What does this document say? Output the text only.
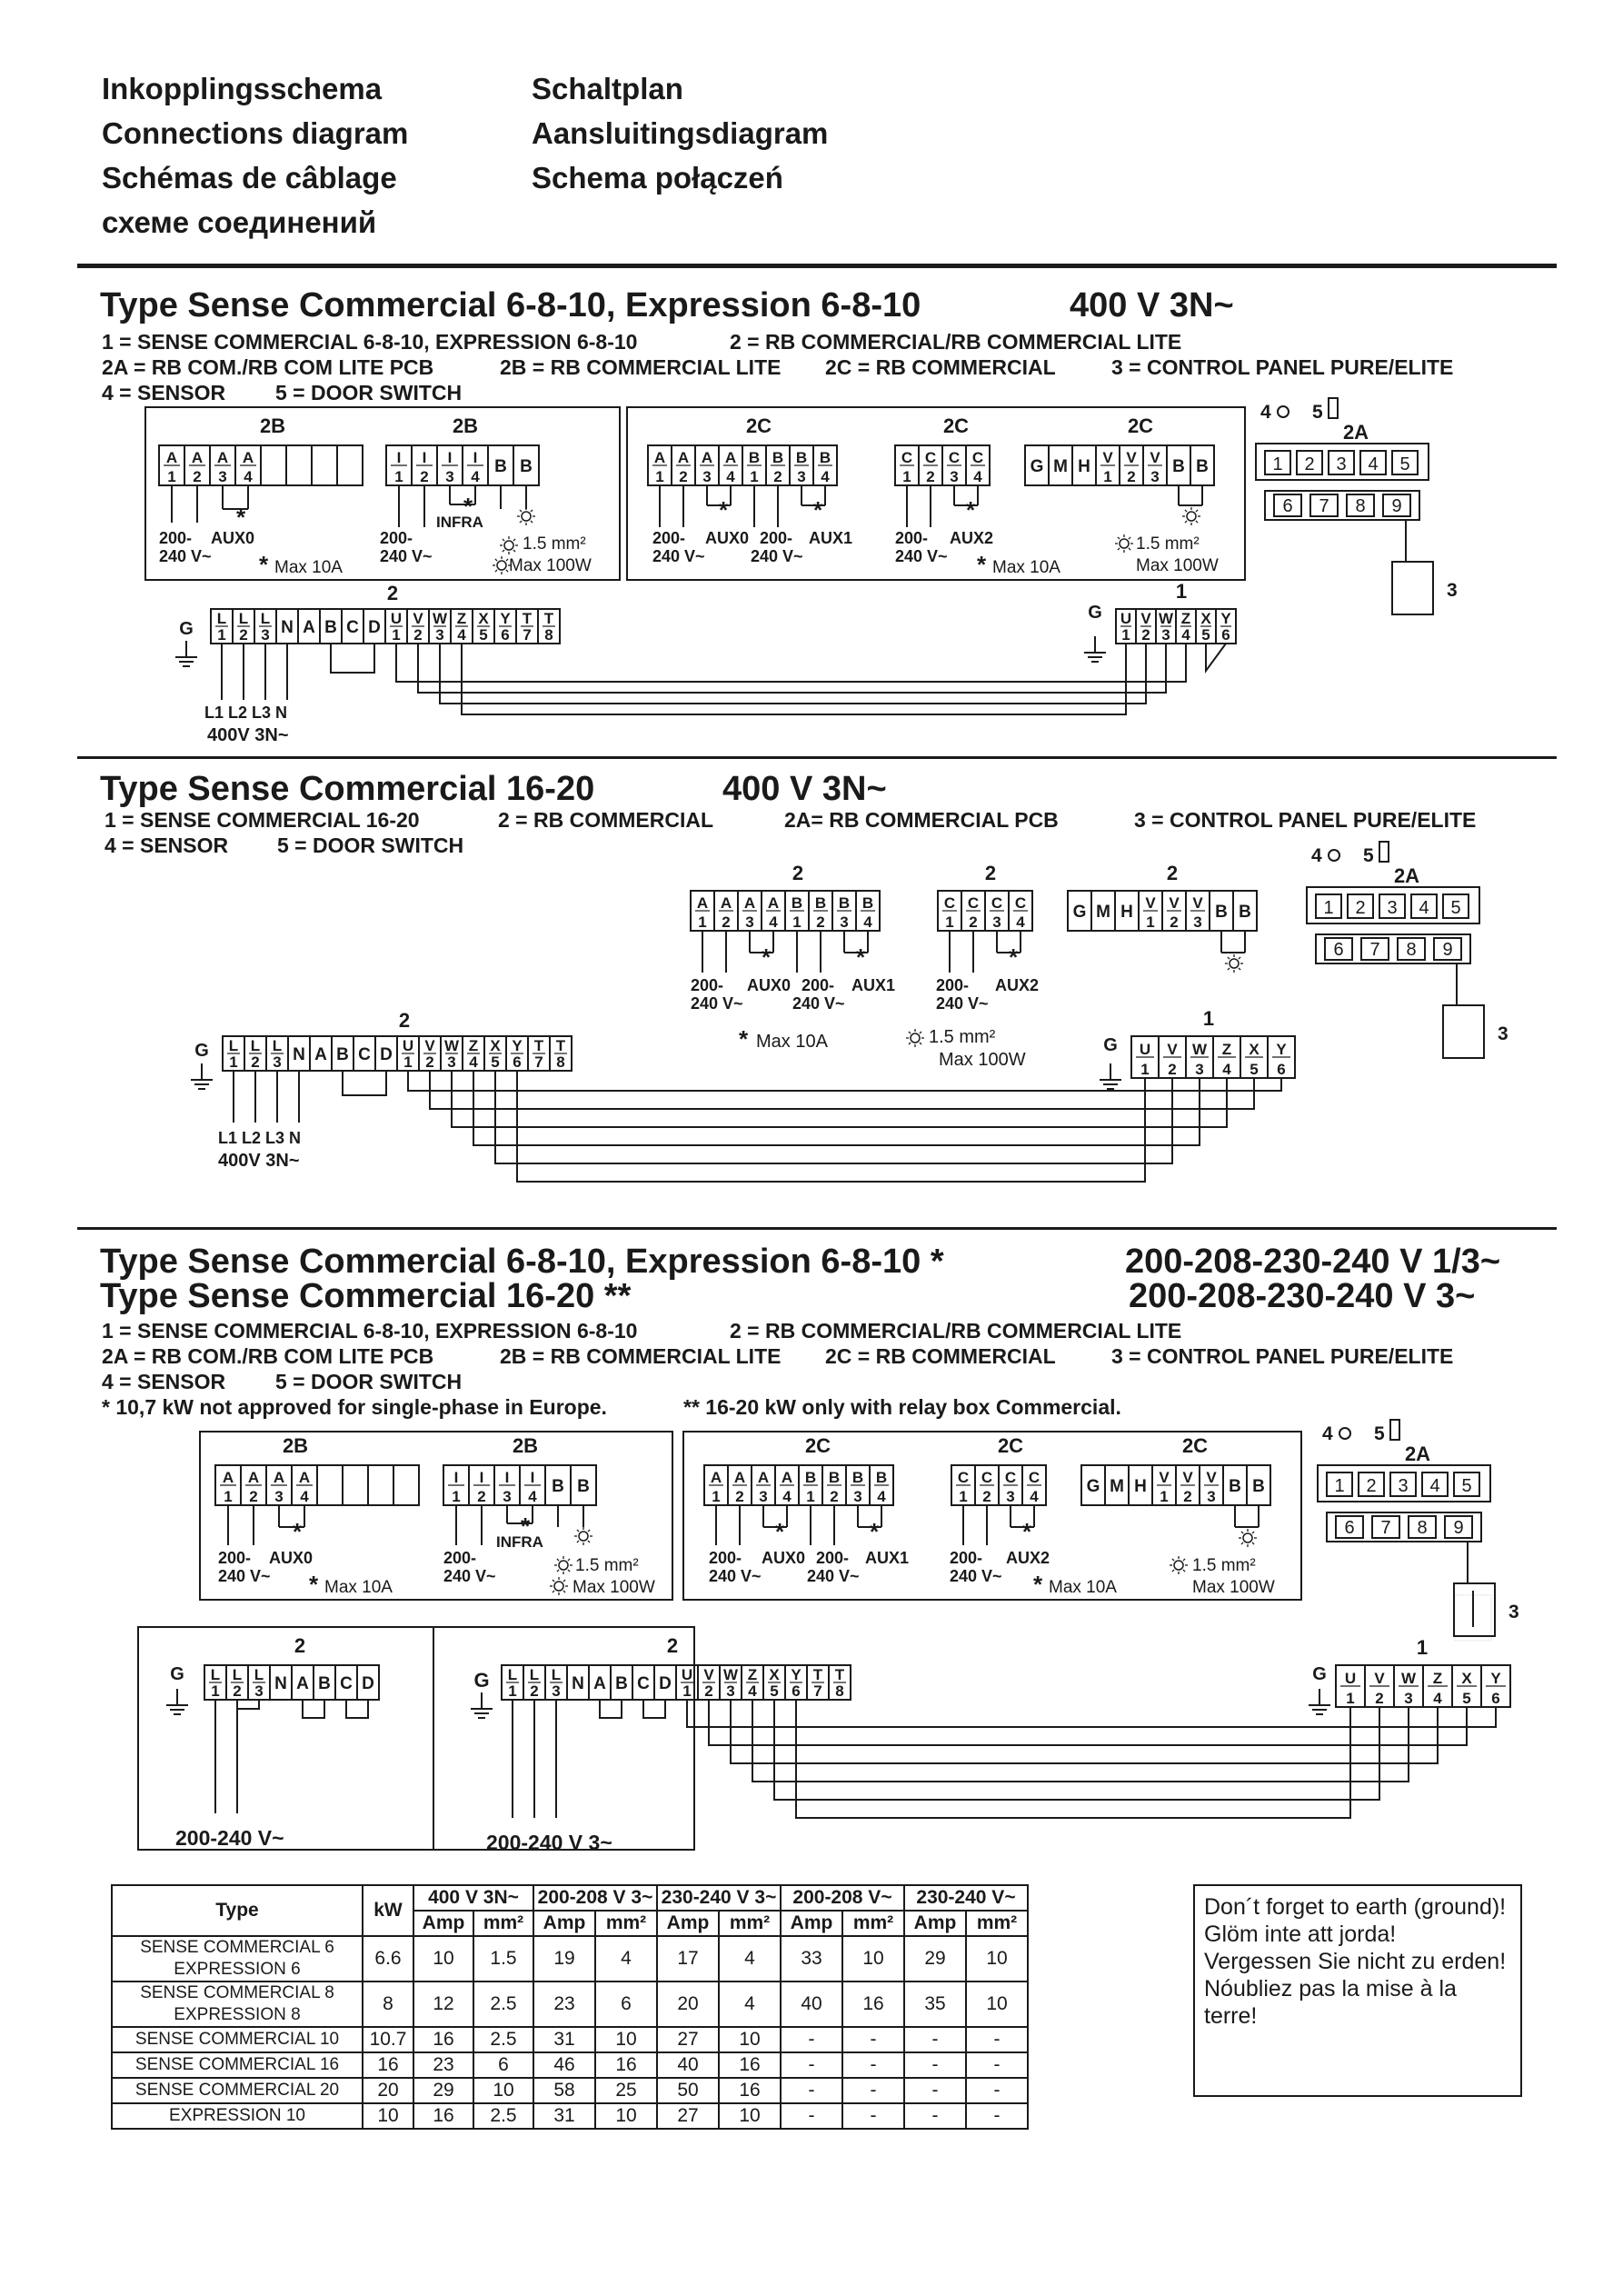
Inkopplingsschema
Connections diagram
Schémas de câblage
схеме соединений
Schaltplan
Aansluitingsdiagram
Schema połączeń
Type Sense Commercial 6-8-10, Expression 6-8-10	400 V 3N~
1 = SENSE COMMERCIAL 6-8-10, EXPRESSION 6-8-10	2 = RB COMMERCIAL/RB COMMERCIAL LITE
2A = RB COM./RB COM LITE PCB	2B = RB COMMERCIAL LITE 2C = RB COMMERCIAL	3 = CONTROL PANEL PURE/ELITE
4 = SENSOR 5 = DOOR SWITCH
Type Sense Commercial 16-20	400 V 3N~
1 = SENSE COMMERCIAL 16-20	2 = RB COMMERCIAL	2A= RB COMMERCIAL PCB	3 = CONTROL PANEL PURE/ELITE
4 = SENSOR 5 = DOOR SWITCH
Type Sense Commercial 6-8-10, Expression 6-8-10 *	200-208-230-240 V 1/3~
Type Sense Commercial 16-20 **	200-208-230-240 V 3~
1 = SENSE COMMERCIAL 6-8-10, EXPRESSION 6-8-10	2 = RB COMMERCIAL/RB COMMERCIAL LITE
2A = RB COM./RB COM LITE PCB	2B = RB COMMERCIAL LITE 2C = RB COMMERCIAL	3 = CONTROL PANEL PURE/ELITE
4 = SENSOR 5 = DOOR SWITCH
* 10,7 kW not approved for single-phase in Europe.	** 16-20 kW only with relay box Commercial.
2B	2B
A
1
A
2
A
3
A
4
*
200-
240 V~
AUX0
* Max 10A
I
1
I
2
I
3
I
4
B B
*
INFRA
200-
240 V~
1.5 mm²
Max 100W
2C	2C	2C
A
1
A
2
A
3
A
4
B
1
B
2
B
3
B
4
*	*
200-
240 V~
AUX0 200- AUX1
240 V~
C
1
C
2
C
3
C
4
*
200-
240 V~
AUX2
* Max 10A
G M H V
1
V
2
V
3
B B
1.5 mm²
Max 100W
4 5
2A
1 2 3 4 5
6 7 8 9
3
2
G
L
1
L
2
L
3 N A B C D U
1
V
2
W
3
Z
4
X
5
Y
6
T
7
T
8
L1 L2 L3 N
400V 3N~
1
G U
1
V
2
W
3
Z
4
X
5
Y
6
2	2	2
A
1
A
2
A
3
A
4
B
1
B
2
B
3
B
4
*	*
200-
240 V~
AUX0 200- AUX1
240 V~
C
1
C
2
C
3
C
4
*
200-
240 V~
AUX2
* Max 10A	1.5 mm²
Max 100W
G M H V
1
V
2
V
3
B B
4 5
2A
1 2 3 4 5
6 7 8 9
3
2
G L
1
L
2
L
3 N A B C D U
1
V
2
W
3
Z
4
X
5
Y
6
T
7
T
8
L1 L2 L3 N
400V 3N~
1
G U
1
V
2
W
3
Z
4
X
5
Y
6
2B	2B
A
1
A
2
A
3
A
4
*
200-
240 V~
AUX0
* Max 10A
I
1
I
2
I
3
I
4
B B
*
INFRA
200-
240 V~
1.5 mm²
Max 100W
2C	2C	2C
A
1
A
2
A
3
A
4
B
1
B
2
B
3
B
4
*	*
200-
240 V~
AUX0 200- AUX1
240 V~
C
1
C
2
C
3
C
4
*
200-
240 V~
AUX2
* Max 10A
G M H V
1
V
2
V
3
B B
1.5 mm²
Max 100W
4 5
2A
1 2 3 4 5
6 7 8 9
3
2	2
G L
1
L
2
L
3 N A B C D
200-240 V~
G L
1
L
2
L
3 N A B C D U
1
V
2
W
3
Z
4
X
5
Y
6
T
7
T
8
200-240 V 3~
1
G U
1
V
2
W
3
Z
4
X
5
Y
6
Type	kW	400 V 3N~		200-208 V 3~		230-240 V 3~		200-208 V~		230-240 V~	
		Amp	mm²	Amp	mm²	Amp	mm²	Amp	mm²	Amp	mm²
SENSE COMMERCIAL 6
EXPRESSION 6	6.6	10	1.5	19	4	17	4	33	10	29	10
SENSE COMMERCIAL 8
EXPRESSION 8	8	12	2.5	23	6	20	4	40	16	35	10
SENSE COMMERCIAL 10	10.7	16	2.5	31	10	27	10	-	-	-	-
SENSE COMMERCIAL 16	16	23	6	46	16	40	16	-	-	-	-
SENSE COMMERCIAL 20	20	29	10	58	25	50	16	-	-	-	-
EXPRESSION 10	10	16	2.5	31	10	27	10	-	-	-	-
Don´t forget to earth (ground)!
Glöm inte att jorda!
Vergessen Sie nicht zu erden!
Nóubliez pas la mise à la terre!
